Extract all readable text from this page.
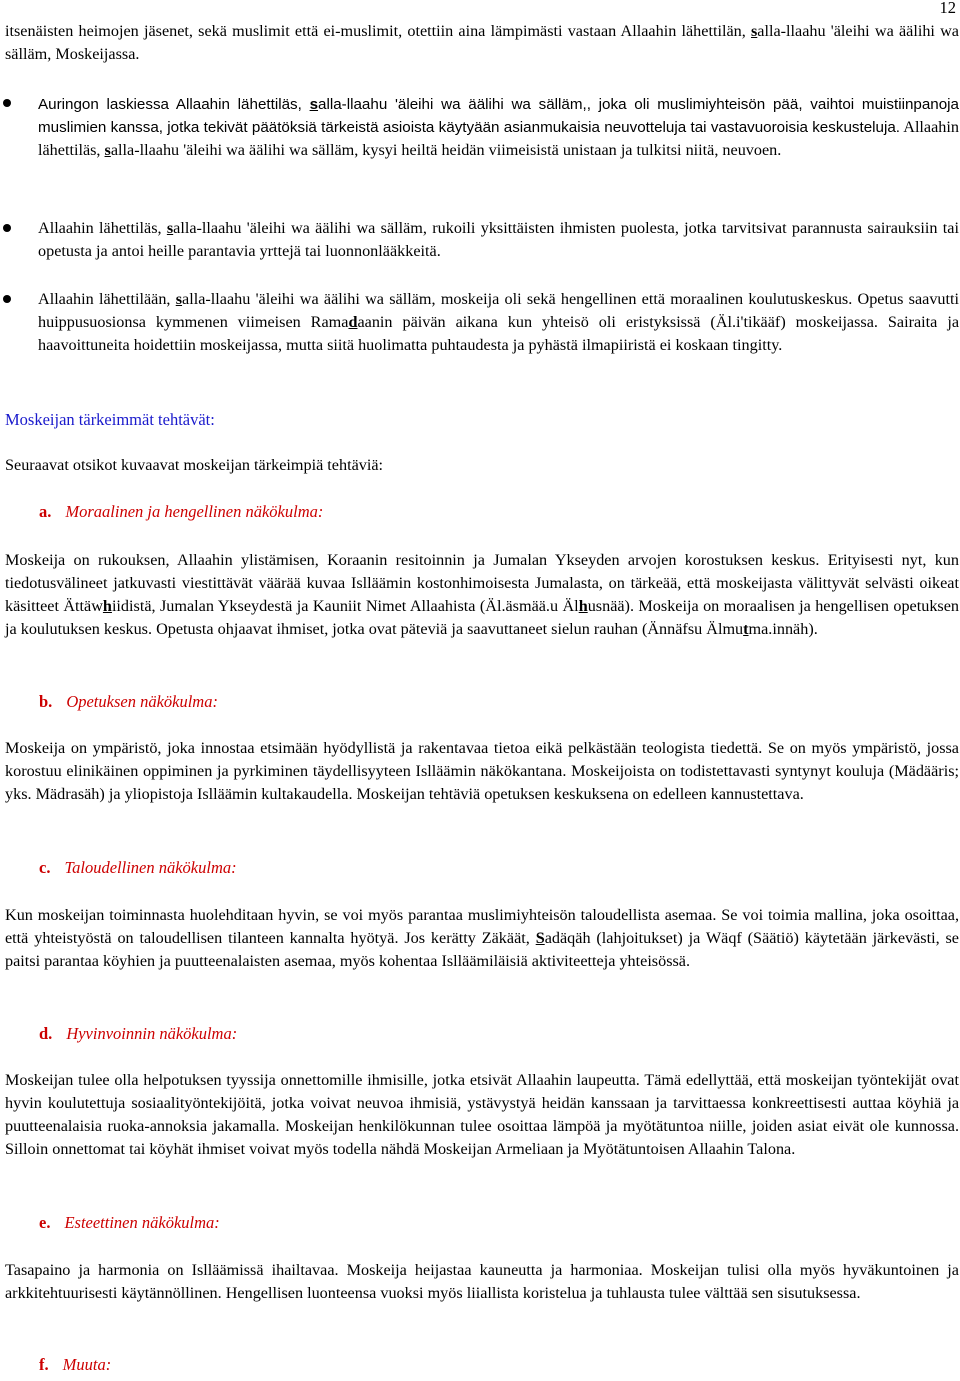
12

itsenäisten heimojen jäsenet, sekä muslimit että ei-muslimit, otettiin aina lämpimästi vastaan Allaahin lähettilän, salla-llaahu 'äleihi wa äälihi wa sälläm, Moskeijassa.

Auringon laskiessa Allaahin lähettiläs, salla-llaahu 'äleihi wa äälihi wa sälläm,, joka oli muslimiyhteisön pää, vaihtoi muistiinpanoja muslimien kanssa, jotka tekivät päätöksiä tärkeistä asioista käytyään asianmukaisia neuvotteluja tai vastavuoroisia keskusteluja. Allaahin lähettiläs, salla-llaahu 'äleihi wa äälihi wa sälläm, kysyi heiltä heidän viimeisistä unistaan ja tulkitsi niitä, neuvoen.

Allaahin lähettiläs, salla-llaahu 'äleihi wa äälihi wa sälläm, rukoili yksittäisten ihmisten puolesta, jotka tarvitsivat parannusta sairauksiin tai opetusta ja antoi heille parantavia yrttejä tai luonnonlääkkeitä.

Allaahin lähettilään, salla-llaahu 'äleihi wa äälihi wa sälläm, moskeija oli sekä hengellinen että moraalinen koulutuskeskus. Opetus saavutti huippusuosionsa kymmenen viimeisen Ramadaanin päivän aikana kun yhteisö oli eristyksissä (Äl.i'tikääf) moskeijassa. Sairaita ja haavoittuneita hoidettiin moskeijassa, mutta siitä huolimatta puhtaudesta ja pyhästä ilmapiiristä ei koskaan tingitty.

Moskeijan tärkeimmät tehtävät:

Seuraavat otsikot kuvaavat moskeijan tärkeimpiä tehtäviä:

a. Moraalinen ja hengellinen näkökulma:

Moskeija on rukouksen, Allaahin ylistämisen, Koraanin resitoinnin ja Jumalan Ykseyden arvojen korostuksen keskus. Erityisesti nyt, kun tiedotusvälineet jatkuvasti viestittävät väärää kuvaa Islläämin kostonhimoisesta Jumalasta, on tärkeää, että moskeijasta välittyvät selvästi oikeat käsitteet Ättäwhiidistä, Jumalan Ykseydestä ja Kauniit Nimet Allaahista (Äl.äsmää.u Älhusnää). Moskeija on moraalisen ja hengellisen opetuksen ja koulutuksen keskus. Opetusta ohjaavat ihmiset, jotka ovat päteviä ja saavuttaneet sielun rauhan (Ännäfsu Älmutma.innäh).

b. Opetuksen näkökulma:

Moskeija on ympäristö, joka innostaa etsimään hyödyllistä ja rakentavaa tietoa eikä pelkästään teologista tiedettä. Se on myös ympäristö, jossa korostuu elinikäinen oppiminen ja pyrkiminen täydellisyyteen Islläämin näkökantana. Moskeijoista on todistettavasti syntynyt kouluja (Mädääris; yks. Mädrasäh) ja yliopistoja Islläämin kultakaudella. Moskeijan tehtäviä opetuksen keskuksena on edelleen kannustettava.

c. Taloudellinen näkökulma:

Kun moskeijan toiminnasta huolehditaan hyvin, se voi myös parantaa muslimiyhteisön taloudellista asemaa. Se voi toimia mallina, joka osoittaa, että yhteistyöstä on taloudellisen tilanteen kannalta hyötyä. Jos kerätty Zäkäät, Sadäqäh (lahjoitukset) ja Wäqf (Säätiö) käytetään järkevästi, se paitsi parantaa köyhien ja puutteenalaisten asemaa, myös kohentaa Islläämiläisiä aktiviteetteja yhteisössä.

d. Hyvinvoinnin näkökulma:

Moskeijan tulee olla helpotuksen tyyssija onnettomille ihmisille, jotka etsivät Allaahin laupeutta. Tämä edellyttää, että moskeijan työntekijät ovat hyvin koulutettuja sosiaalityöntekijöitä, jotka voivat neuvoa ihmisiä, ystävystyä heidän kanssaan ja tarvittaessa konkreettisesti auttaa köyhiä ja puutteenalaisia ruoka-annoksia jakamalla. Moskeijan henkilökunnan tulee osoittaa lämpöä ja myötätuntoa niille, joiden asiat eivät ole kunnossa. Silloin onnettomat tai köyhät ihmiset voivat myös todella nähdä Moskeijan Armeliaan ja Myötätuntoisen Allaahin Talona.

e. Esteettinen näkökulma:

Tasapaino ja harmonia on Islläämissä ihailtavaa. Moskeija heijastaa kauneutta ja harmoniaa. Moskeijan tulisi olla myös hyväkuntoinen ja arkkitehtuurisesti käytännöllinen. Hengellisen luonteensa vuoksi myös liiallista koristelua ja tuhlausta tulee välttää sen sisutuksessa.

f. Muuta:
